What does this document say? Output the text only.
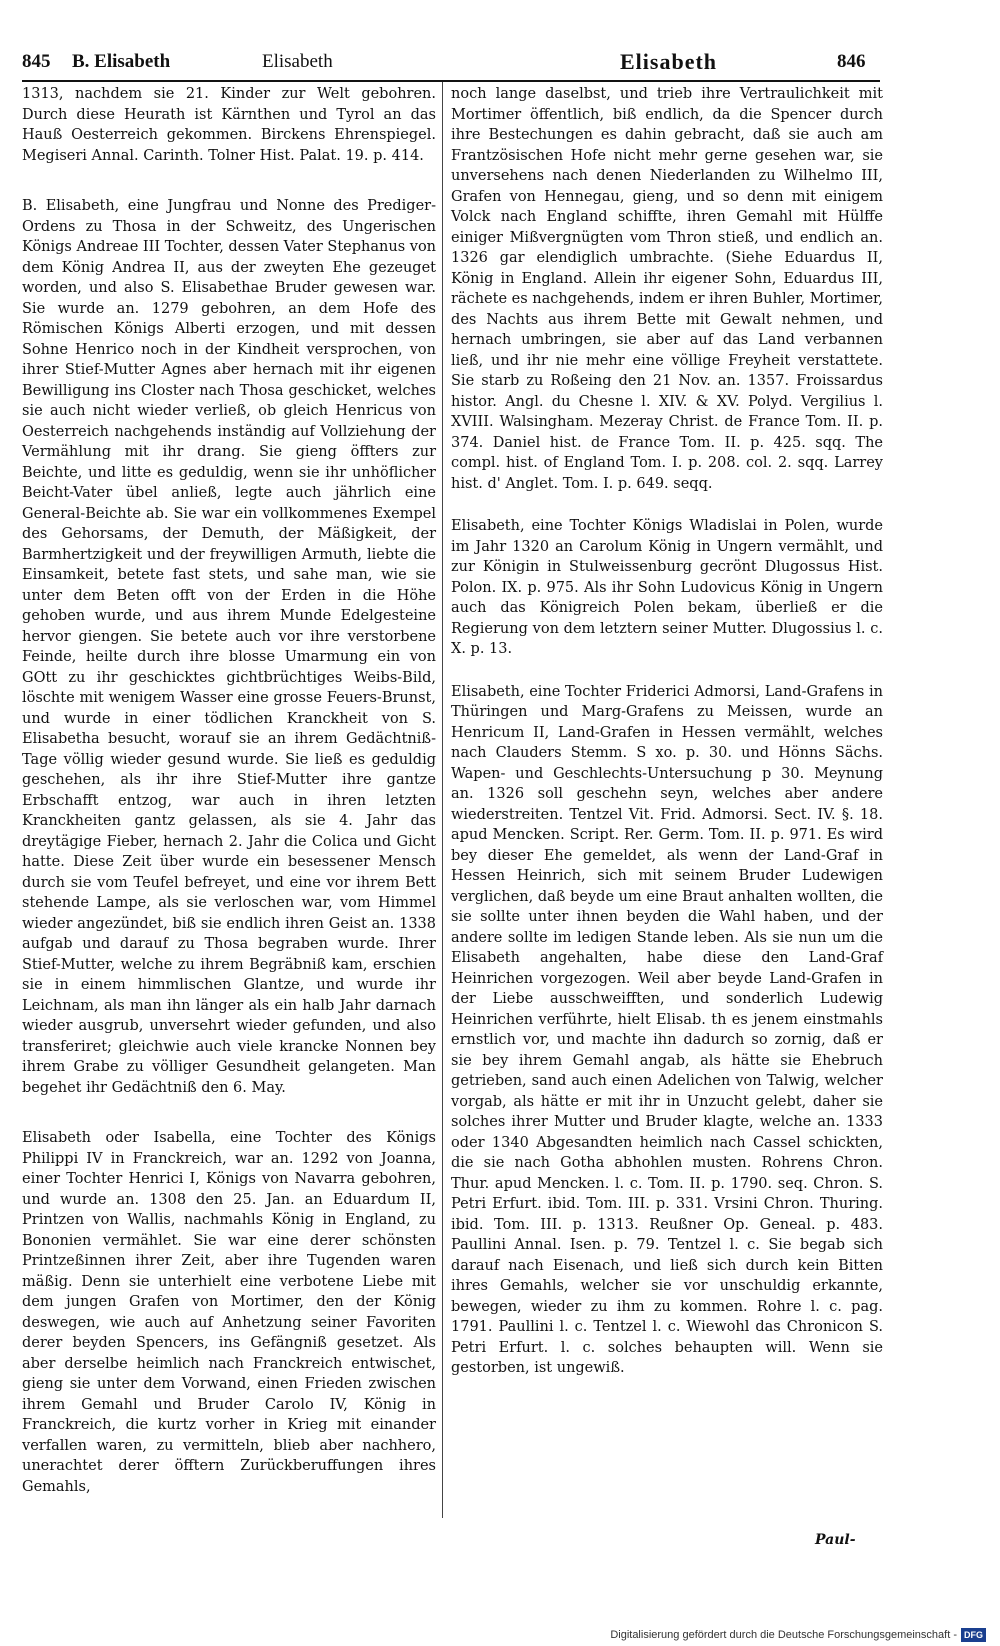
845 B. Elisabeth	Elisabeth	Elisabeth	846

1313, nachdem sie 21. Kinder zur Welt gebohren. Durch diese Heurath ist Kärnthen und Tyrol an das Hauß Oesterreich gekommen. Birckens Ehrenspiegel. Megiseri Annal. Carinth. Tolner Hist. Palat. 19. p. 414.

B. Elisabeth, eine Jungfrau und Nonne des Prediger-Ordens zu Thosa in der Schweitz, des Ungerischen Königs Andreae III Tochter, dessen Vater Stephanus von dem König Andrea II, aus der zweyten Ehe gezeuget worden, und also S. Elisabethae Bruder gewesen war. Sie wurde an. 1279 gebohren, an dem Hofe des Römischen Königs Alberti erzogen, und mit dessen Sohne Henrico noch in der Kindheit versprochen, von ihrer Stief-Mutter Agnes aber hernach mit ihr eigenen Bewilligung ins Closter nach Thosa geschicket, welches sie auch nicht wieder verließ, ob gleich Henricus von Oesterreich nachgehends inständig auf Vollziehung der Vermählung mit ihr drang. Sie gieng öffters zur Beichte, und litte es geduldig, wenn sie ihr unhöflicher Beicht-Vater übel anließ, legte auch jährlich eine General-Beichte ab. Sie war ein vollkommenes Exempel des Gehorsams, der Demuth, der Mäßigkeit, der Barmhertzigkeit und der freywilligen Armuth, liebte die Einsamkeit, betete fast stets, und sahe man, wie sie unter dem Beten offt von der Erden in die Höhe gehoben wurde, und aus ihrem Munde Edelgesteine hervor giengen. Sie betete auch vor ihre verstorbene Feinde, heilte durch ihre blosse Umarmung ein von GOtt zu ihr geschicktes gichtbrüchtiges Weibs-Bild, löschte mit wenigem Wasser eine grosse Feuers-Brunst, und wurde in einer tödlichen Kranckheit von S. Elisabetha besucht, worauf sie an ihrem Gedächtniß-Tage völlig wieder gesund wurde. Sie ließ es geduldig geschehen, als ihr ihre Stief-Mutter ihre gantze Erbschafft entzog, war auch in ihren letzten Kranckheiten gantz gelassen, als sie 4. Jahr das dreytägige Fieber, hernach 2. Jahr die Colica und Gicht hatte. Diese Zeit über wurde ein besessener Mensch durch sie vom Teufel befreyet, und eine vor ihrem Bett stehende Lampe, als sie verloschen war, vom Himmel wieder angezündet, biß sie endlich ihren Geist an. 1338 aufgab und darauf zu Thosa begraben wurde. Ihrer Stief-Mutter, welche zu ihrem Begräbniß kam, erschien sie in einem himmlischen Glantze, und wurde ihr Leichnam, als man ihn länger als ein halb Jahr darnach wieder ausgrub, unversehrt wieder gefunden, und also transferiret; gleichwie auch viele krancke Nonnen bey ihrem Grabe zu völliger Gesundheit gelangeten. Man begehet ihr Gedächtniß den 6. May.

Elisabeth oder Isabella, eine Tochter des Königs Philippi IV in Franckreich, war an. 1292 von Joanna, einer Tochter Henrici I, Königs von Navarra gebohren, und wurde an. 1308 den 25. Jan. an Eduardum II, Printzen von Wallis, nachmahls König in England, zu Bononien vermählet. Sie war eine derer schönsten Printzeßinnen ihrer Zeit, aber ihre Tugenden waren mäßig. Denn sie unterhielt eine verbotene Liebe mit dem jungen Grafen von Mortimer, den der König deswegen, wie auch auf Anhetzung seiner Favoriten derer beyden Spencers, ins Gefängniß gesetzet. Als aber derselbe heimlich nach Franckreich entwischet, gieng sie unter dem Vorwand, einen Frieden zwischen ihrem Gemahl und Bruder Carolo IV, König in Franckreich, die kurtz vorher in Krieg mit einander verfallen waren, zu vermitteln, blieb aber nachhero, unerachtet derer öfftern Zurückberuffungen ihres Gemahls,

noch lange daselbst, und trieb ihre Vertraulichkeit mit Mortimer öffentlich, biß endlich, da die Spencer durch ihre Bestechungen es dahin gebracht, daß sie auch am Frantzösischen Hofe nicht mehr gerne gesehen war, sie unversehens nach denen Niederlanden zu Wilhelmo III, Grafen von Hennegau, gieng, und so denn mit einigem Volck nach England schiffte, ihren Gemahl mit Hülffe einiger Mißvergnügten vom Thron stieß, und endlich an. 1326 gar elendiglich umbrachte. (Siehe Eduardus II, König in England. Allein ihr eigener Sohn, Eduardus III, rächete es nachgehends, indem er ihren Buhler, Mortimer, des Nachts aus ihrem Bette mit Gewalt nehmen, und hernach umbringen, sie aber auf das Land verbannen ließ, und ihr nie mehr eine völlige Freyheit verstattete. Sie starb zu Roßeing den 21 Nov. an. 1357. Froissardus histor. Angl. du Chesne l. XIV. & XV. Polyd. Vergilius l. XVIII. Walsingham. Mezeray Christ. de France Tom. II. p. 374. Daniel hist. de France Tom. II. p. 425. sqq. The compl. hist. of England Tom. I. p. 208. col. 2. sqq. Larrey hist. d' Anglet. Tom. I. p. 649. seqq.

Elisabeth, eine Tochter Königs Wladislai in Polen, wurde im Jahr 1320 an Carolum König in Ungern vermählt, und zur Königin in Stulweissenburg gecrönt Dlugossus Hist. Polon. IX. p. 975. Als ihr Sohn Ludovicus König in Ungern auch das Königreich Polen bekam, überließ er die Regierung von dem letztern seiner Mutter. Dlugossius l. c. X. p. 13.

Elisabeth, eine Tochter Friderici Admorsi, Land-Grafens in Thüringen und Marg-Grafens zu Meissen, wurde an Henricum II, Land-Grafen in Hessen vermählt, welches nach Clauders Stemm. S xo. p. 30. und Hönns Sächs. Wapen- und Geschlechts-Untersuchung p 30. Meynung an. 1326 soll geschehn seyn, welches aber andere wiederstreiten. Tentzel Vit. Frid. Admorsi. Sect. IV. §. 18. apud Mencken. Script. Rer. Germ. Tom. II. p. 971. Es wird bey dieser Ehe gemeldet, als wenn der Land-Graf in Hessen Heinrich, sich mit seinem Bruder Ludewigen verglichen, daß beyde um eine Braut anhalten wollten, die sie sollte unter ihnen beyden die Wahl haben, und der andere sollte im ledigen Stande leben. Als sie nun um die Elisabeth angehalten, habe diese den Land-Graf Heinrichen vorgezogen. Weil aber beyde Land-Grafen in der Liebe ausschweifften, und sonderlich Ludewig Heinrichen verführte, hielt Elisab. th es jenem einstmahls ernstlich vor, und machte ihn dadurch so zornig, daß er sie bey ihrem Gemahl angab, als hätte sie Ehebruch getrieben, sand auch einen Adelichen von Talwig, welcher vorgab, als hätte er mit ihr in Unzucht gelebt, daher sie solches ihrer Mutter und Bruder klagte, welche an. 1333 oder 1340 Abgesandten heimlich nach Cassel schickten, die sie nach Gotha abhohlen musten. Rohrens Chron. Thur. apud Mencken. l. c. Tom. II. p. 1790. seq. Chron. S. Petri Erfurt. ibid. Tom. III. p. 331. Vrsini Chron. Thuring. ibid. Tom. III. p. 1313. Reußner Op. Geneal. p. 483. Paullini Annal. Isen. p. 79. Tentzel l. c. Sie begab sich darauf nach Eisenach, und ließ sich durch kein Bitten ihres Gemahls, welcher sie vor unschuldig erkannte, bewegen, wieder zu ihm zu kommen. Rohre l. c. pag. 1791. Paullini l. c. Tentzel l. c. Wiewohl das Chronicon S. Petri Erfurt. l. c. solches behaupten will. Wenn sie gestorben, ist ungewiß.

Paul-
Digitalisierung gefördert durch die Deutsche Forschungsgemeinschaft - DFG
